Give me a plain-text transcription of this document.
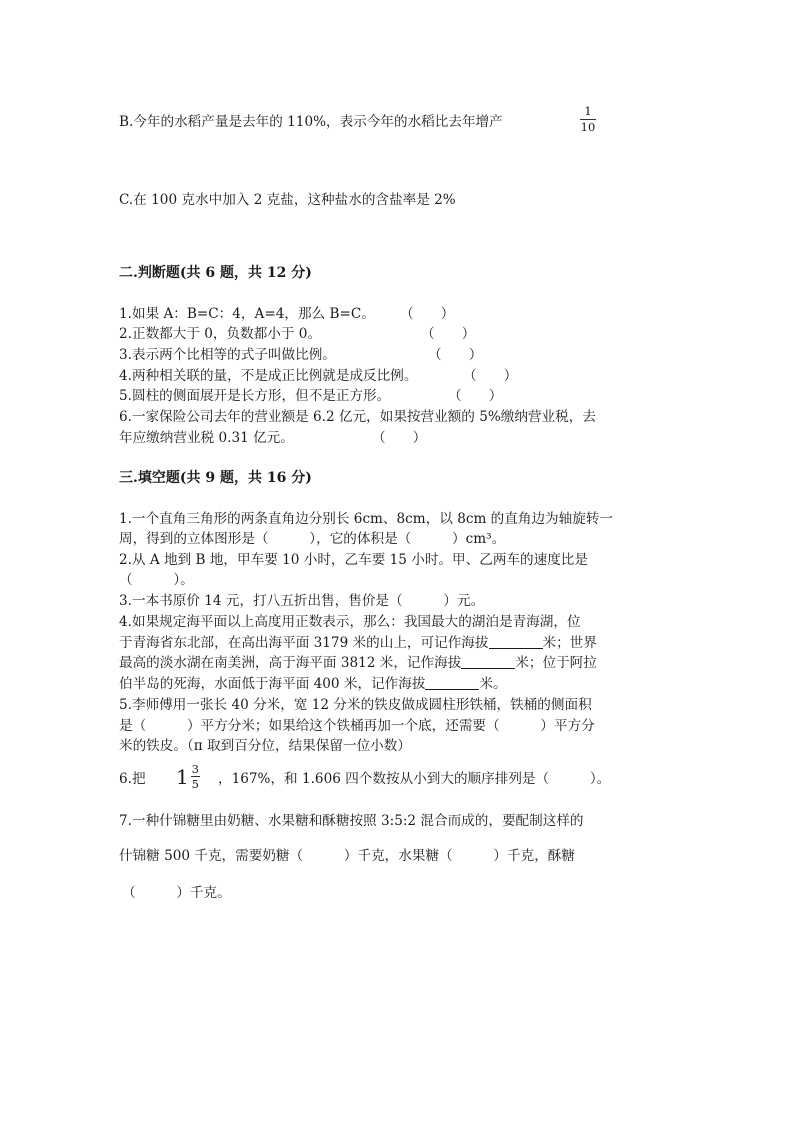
B.今年的水稻产量是去年的 110%，表示今年的水稻比去年增产
1
10
C.在 100 克水中加入 2 克盐，这种盐水的含盐率是 2%
二.判断题(共 6 题，共 12 分)
1.如果 A：B=C：4，A=4，那么 B=C。 （　　）
2.正数都大于 0，负数都小于 0。	（　　）
3.表示两个比相等的式子叫做比例。	（　　）
4.两种相关联的量，不是成正比例就是成反比例。	（　　）
5.圆柱的侧面展开是长方形，但不是正方形。	（　　）
6.一家保险公司去年的营业额是 6.2 亿元，如果按营业额的 5%缴纳营业税，去
年应缴纳营业税 0.31 亿元。	（　　）
三.填空题(共 9 题，共 16 分)
1.一个直角三角形的两条直角边分别长 6cm、8cm，以 8cm 的直角边为轴旋转一
周，得到的立体图形是（　　　），它的体积是（　　　）cm³。
2.从 A 地到 B 地，甲车要 10 小时，乙车要 15 小时。甲、乙两车的速度比是
（　　　）。
3.一本书原价 14 元，打八五折出售，售价是（　　　）元。
4.如果规定海平面以上高度用正数表示，那么：我国最大的湖泊是青海湖，位
于青海省东北部，在高出海平面 3179 米的山上，可记作海拔	米；世界
最高的淡水湖在南美洲，高于海平面 3812 米，记作海拔	米；位于阿拉
伯半岛的死海，水面低于海平面 400 米，记作海拔	米。
5.李师傅用一张长 40 分米，宽 12 分米的铁皮做成圆柱形铁桶，铁桶的侧面积
是（　　　）平方分米；如果给这个铁桶再加一个底，还需要（　　　）平方分
米的铁皮。（π 取到百分位，结果保留一位小数）
6.把 1 3
5 ，167%，和 1.606 四个数按从小到大的顺序排列是（　　　）。
7.一种什锦糖里由奶糖、水果糖和酥糖按照 3:5:2 混合而成的，要配制这样的
什锦糖 500 千克，需要奶糖（　　　）千克，水果糖（　　　）千克，酥糖
（　　　）千克。
